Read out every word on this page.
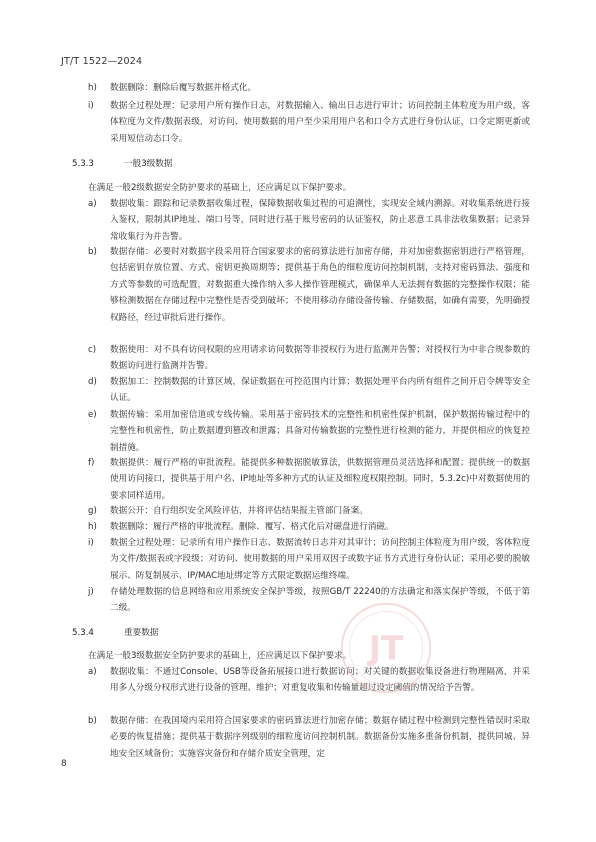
JT/T 1522—2024
h)	数据删除：删除后覆写数据并格式化。
i)	数据全过程处理：记录用户所有操作日志，对数据输入、输出日志进行审计；访问控制主体粒度为用户级，客体粒度为文件/数据表级，对访问、使用数据的用户至少采用用户名和口令方式进行身份认证，口令定期更新或采用短信动态口令。
5.3.3	一般3级数据
在满足一般2级数据安全防护要求的基础上，还应满足以下保护要求。
a)	数据收集：跟踪和记录数据收集过程，保障数据收集过程的可追溯性，实现安全域内溯源。对收集系统进行接入鉴权，限制其IP地址、端口号等，同时进行基于账号密码的认证鉴权，防止恶意工具非法收集数据；记录异常收集行为并告警。
b)	数据存储：必要时对数据字段采用符合国家要求的密码算法进行加密存储，并对加密数据密钥进行严格管理，包括密钥存放位置、方式、密钥更换周期等；提供基于角色的细粒度访问控制机制，支持对密码算法、强度和方式等参数的可选配置，对数据重大操作纳入多人操作管理模式，确保单人无法拥有数据的完整操作权限；能够检测数据在存储过程中完整性是否受到破坏；不使用移动存储设备传输、存储数据，如确有需要，先明确授权路径，经过审批后进行操作。
c)	数据使用：对不具有访问权限的应用请求访问数据等非授权行为进行监测并告警；对授权行为中非合规参数的数据访问进行监测并告警。
d)	数据加工：控制数据的计算区域，保证数据在可控范围内计算；数据处理平台内所有组件之间开启令牌等安全认证。
e)	数据传输：采用加密信道或专线传输。采用基于密码技术的完整性和机密性保护机制，保护数据传输过程中的完整性和机密性，防止数据遭到篡改和泄露；具备对传输数据的完整性进行检测的能力，并提供相应的恢复控制措施。
f)	数据提供：履行严格的审批流程。能提供多种数据脱敏算法，供数据管理员灵活选择和配置；提供统一的数据使用访问接口，提供基于用户名、IP地址等多种方式的认证及细粒度权限控制。同时，5.3.2c)中对数据使用的要求同样适用。
g)	数据公开：自行组织安全风险评估，并将评估结果报主管部门备案。
h)	数据删除：履行严格的审批流程。删除、覆写、格式化后对磁盘进行消磁。
i)	数据全过程处理：记录所有用户操作日志、数据流转日志并对其审计；访问控制主体粒度为用户级，客体粒度为文件/数据表或字段级；对访问、使用数据的用户采用双因子或数字证书方式进行身份认证；采用必要的脱敏展示、防复制展示、IP/MAC地址绑定等方式限定数据运维终端。
j)	存储处理数据的信息网络和应用系统安全保护等级，按照GB/T 22240的方法确定和落实保护等级，不低于第二级。
5.3.4	重要数据
在满足一般3级数据安全防护要求的基础上，还应满足以下保护要求。
a)	数据收集：不通过Console、USB等设备拓展接口进行数据访问；对关键的数据收集设备进行物理隔离，并采用多人分级分权形式进行设备的管理、维护；对重复收集和传输量超过设定阈值的情况给予告警。
b)	数据存储：在我国境内采用符合国家要求的密码算法进行加密存储；数据存储过程中检测到完整性错误时采取必要的恢复措施；提供基于数据序列级别的细粒度访问控制机制。数据备份实施多重备份机制，提供同城、异地安全区域备份；实施容灾备份和存储介质安全管理，定
JT
8
